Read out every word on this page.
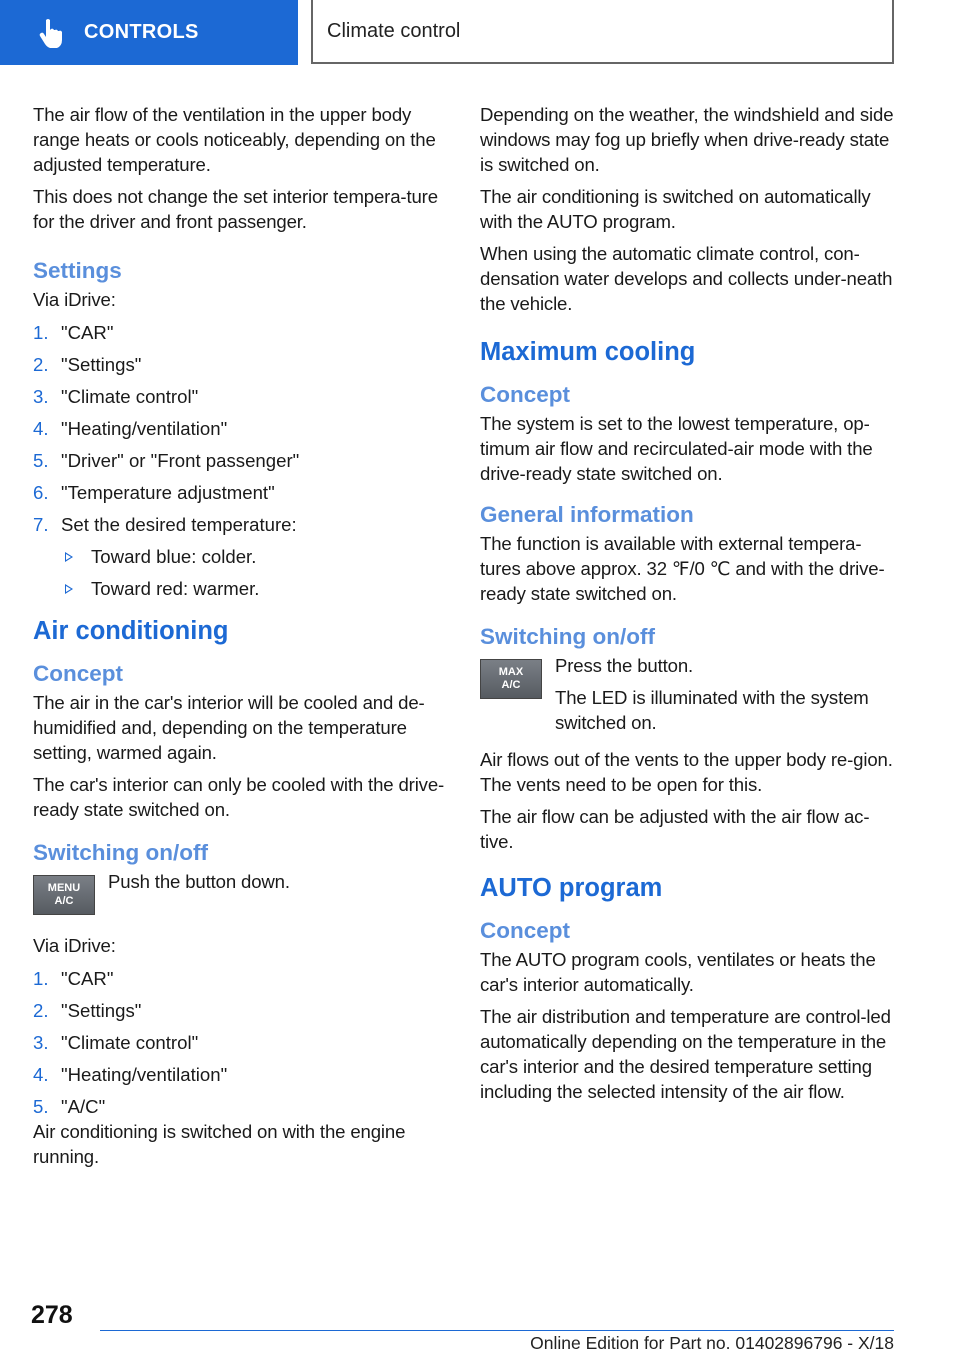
CONTROLS	Climate control

The air flow of the ventilation in the upper body range heats or cools noticeably, depending on the adjusted temperature.

This does not change the set interior tempera-ture for the driver and front passenger.

Settings

Via iDrive:

1. "CAR"
2. "Settings"
3. "Climate control"
4. "Heating/ventilation"
5. "Driver" or "Front passenger"
6. "Temperature adjustment"
7. Set the desired temperature:
Toward blue: colder.
Toward red: warmer.
Air conditioning
Concept

The air in the car's interior will be cooled and de-humidified and, depending on the temperature setting, warmed again.

The car's interior can only be cooled with the drive-ready state switched on.

Switching on/off
MENU
A/C

Push the button down.

Via iDrive:

1. "CAR"
2. "Settings"
3. "Climate control"
4. "Heating/ventilation"
5. "A/C"

Air conditioning is switched on with the engine running.

Depending on the weather, the windshield and side windows may fog up briefly when drive-ready state is switched on.

The air conditioning is switched on automatically with the AUTO program.

When using the automatic climate control, con-densation water develops and collects under-neath the vehicle.

Maximum cooling
Concept

The system is set to the lowest temperature, op-timum air flow and recirculated-air mode with the drive-ready state switched on.

General information

The function is available with external tempera-tures above approx. 32 ℉/0 ℃ and with the drive-ready state switched on.

Switching on/off
MAX
A/C

Press the button.

The LED is illuminated with the system switched on.

Air flows out of the vents to the upper body re-gion. The vents need to be open for this.

The air flow can be adjusted with the air flow ac-tive.

AUTO program
Concept

The AUTO program cools, ventilates or heats the car's interior automatically.

The air distribution and temperature are control-led automatically depending on the temperature in the car's interior and the desired temperature setting including the selected intensity of the air flow.

278
Online Edition for Part no. 01402896796 - X/18
